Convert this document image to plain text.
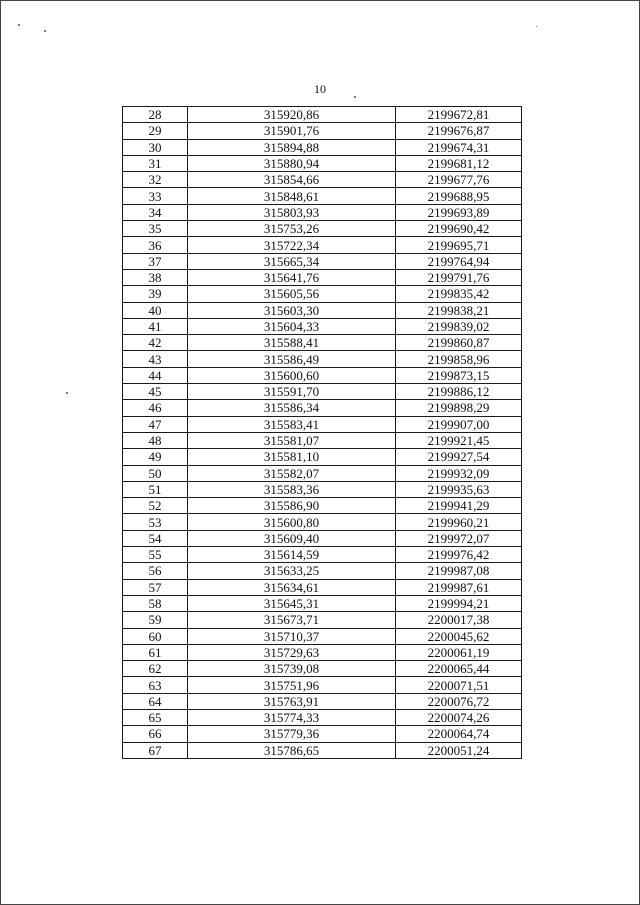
10
28	315920,86	2199672,81
29	315901,76	2199676,87
30	315894,88	2199674,31
31	315880,94	2199681,12
32	315854,66	2199677,76
33	315848,61	2199688,95
34	315803,93	2199693,89
35	315753,26	2199690,42
36	315722,34	2199695,71
37	315665,34	2199764,94
38	315641,76	2199791,76
39	315605,56	2199835,42
40	315603,30	2199838,21
41	315604,33	2199839,02
42	315588,41	2199860,87
43	315586,49	2199858,96
44	315600,60	2199873,15
45	315591,70	2199886,12
46	315586,34	2199898,29
47	315583,41	2199907,00
48	315581,07	2199921,45
49	315581,10	2199927,54
50	315582,07	2199932,09
51	315583,36	2199935,63
52	315586,90	2199941,29
53	315600,80	2199960,21
54	315609,40	2199972,07
55	315614,59	2199976,42
56	315633,25	2199987,08
57	315634,61	2199987,61
58	315645,31	2199994,21
59	315673,71	2200017,38
60	315710,37	2200045,62
61	315729,63	2200061,19
62	315739,08	2200065,44
63	315751,96	2200071,51
64	315763,91	2200076,72
65	315774,33	2200074,26
66	315779,36	2200064,74
67	315786,65	2200051,24
